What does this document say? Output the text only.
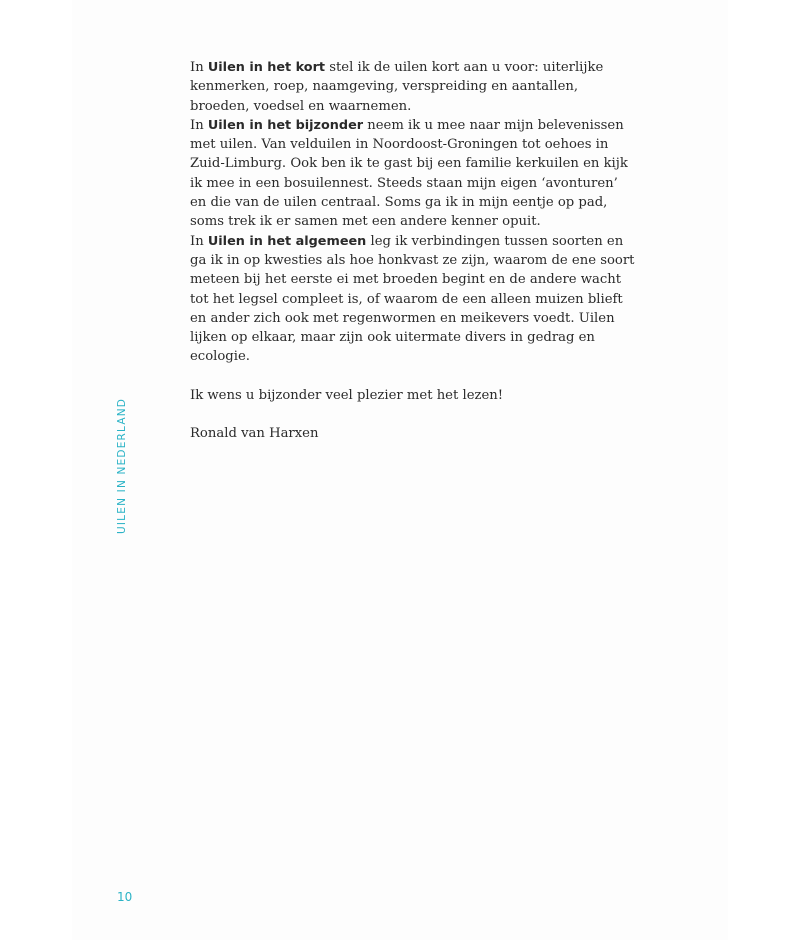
In Uilen in het kort stel ik de uilen kort aan u voor: uiterlijke kenmerken, roep, naamgeving, verspreiding en aantallen, broeden, voedsel en waarnemen.

In Uilen in het bijzonder neem ik u mee naar mijn belevenissen met uilen. Van velduilen in Noordoost-Groningen tot oehoes in Zuid-Limburg. Ook ben ik te gast bij een familie kerkuilen en kijk ik mee in een bosuilennest. Steeds staan mijn eigen ‘avonturen’ en die van de uilen centraal. Soms ga ik in mijn eentje op pad, soms trek ik er samen met een andere kenner opuit.

In Uilen in het algemeen leg ik verbindingen tussen soorten en ga ik in op kwesties als hoe honkvast ze zijn, waarom de ene soort meteen bij het eerste ei met broeden begint en de andere wacht tot het legsel compleet is, of waarom de een alleen muizen blieft en ander zich ook met regenwormen en meikevers voedt. Uilen lijken op elkaar, maar zijn ook uitermate divers in gedrag en ecologie.

Ik wens u bijzonder veel plezier met het lezen!

Ronald van Harxen

UILEN IN NEDERLAND
10
